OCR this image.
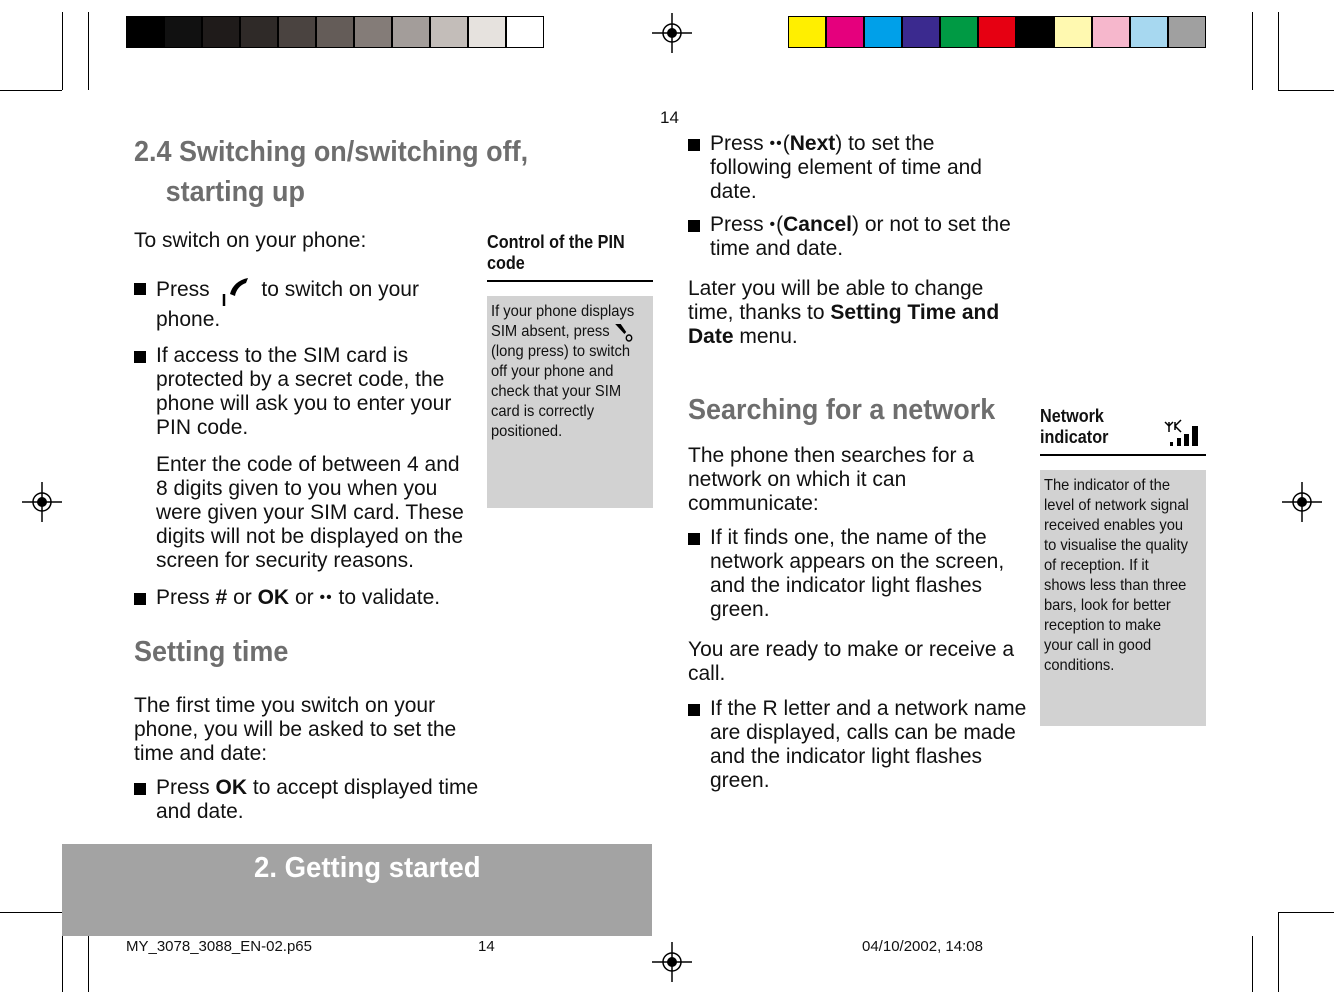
14
2.4 Switching on/switching off,
starting up
To switch on your phone:
Press to switch on your
phone.
If access to the SIM card is protected by a secret code, the phone will ask you to enter your PIN code.
Enter the code of between 4 and 8 digits given to you when you were given your SIM card. These digits will not be displayed on the screen for security reasons.
Press # or OK or •• to validate.
Setting time
The first time you switch on your phone, you will be asked to set the time and date:
Press OK to accept displayed time and date.
Control of the PIN
code
If your phone displays SIM absent, press  (long press) to switch off your phone and check that your SIM card is correctly positioned.
Press ••(Next) to set the following element of time and date.
Press •(Cancel) or not to set the time and date.
Later you will be able to change time, thanks to Setting Time and Date menu.
Searching for a network
The phone then searches for a network on which it can communicate:
If it finds one, the name of the network appears on the screen, and the indicator light flashes green.
You are ready to make or receive a call.
If the R letter and a network name are displayed, calls can be made and the indicator light flashes green.
Network
indicator
The indicator of the level of network signal received enables you to visualise the quality of reception. If it shows less than three bars, look for better reception to make your call in good conditions.
2. Getting started
MY_3078_3088_EN-02.p65	14	04/10/2002, 14:08
